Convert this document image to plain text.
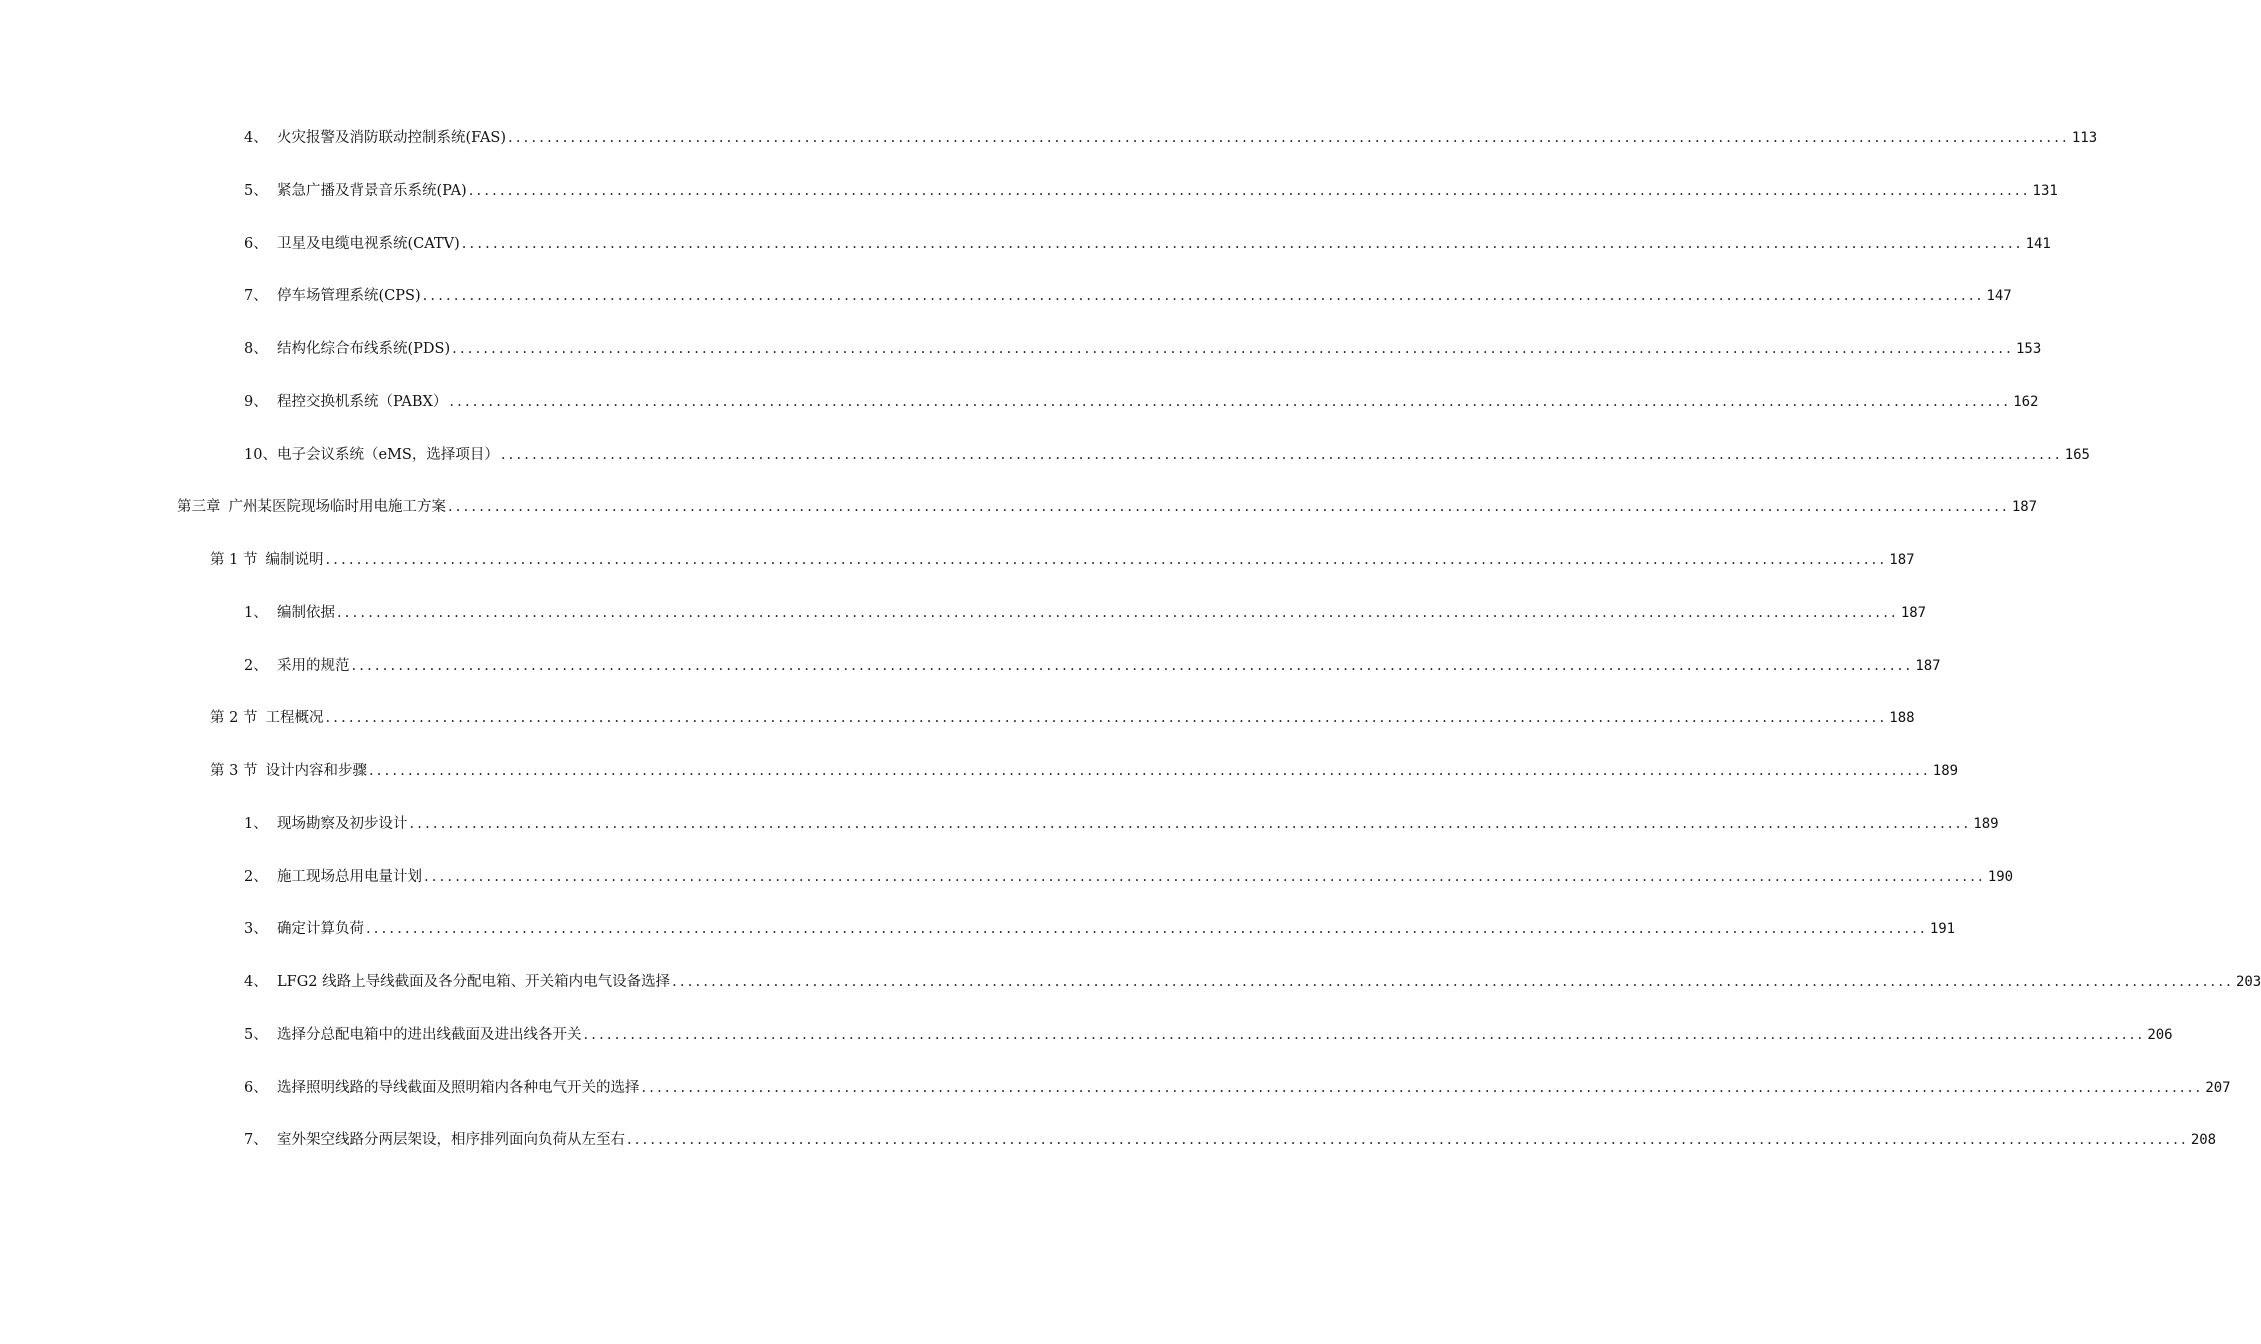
4、 火灾报警及消防联动控制系统(FAS) ........................................................................................................................................................................................................ 113
5、 紧急广播及背景音乐系统(PA) ........................................................................................................................................................................................................ 131
6、 卫星及电缆电视系统(CATV) ........................................................................................................................................................................................................ 141
7、 停车场管理系统(CPS) ........................................................................................................................................................................................................ 147
8、 结构化综合布线系统(PDS) ........................................................................................................................................................................................................ 153
9、 程控交换机系统（PABX） ........................................................................................................................................................................................................ 162
10、 电子会议系统（eMS，选择项目） ........................................................................................................................................................................................................ 165
第三章 广州某医院现场临时用电施工方案 ........................................................................................................................................................................................................ 187
第 1 节 编制说明 ........................................................................................................................................................................................................ 187
1、 编制依据 ........................................................................................................................................................................................................ 187
2、 采用的规范 ........................................................................................................................................................................................................ 187
第 2 节 工程概况 ........................................................................................................................................................................................................ 188
第 3 节 设计内容和步骤 ........................................................................................................................................................................................................ 189
1、 现场勘察及初步设计 ........................................................................................................................................................................................................ 189
2、 施工现场总用电量计划 ........................................................................................................................................................................................................ 190
3、 确定计算负荷 ........................................................................................................................................................................................................ 191
4、 LFG2 线路上导线截面及各分配电箱、开关箱内电气设备选择 ........................................................................................................................................................................................................ 203
5、 选择分总配电箱中的进出线截面及进出线各开关 ........................................................................................................................................................................................................ 206
6、 选择照明线路的导线截面及照明箱内各种电气开关的选择 ........................................................................................................................................................................................................ 207
7、 室外架空线路分两层架设，相序排列面向负荷从左至右 ........................................................................................................................................................................................................ 208
